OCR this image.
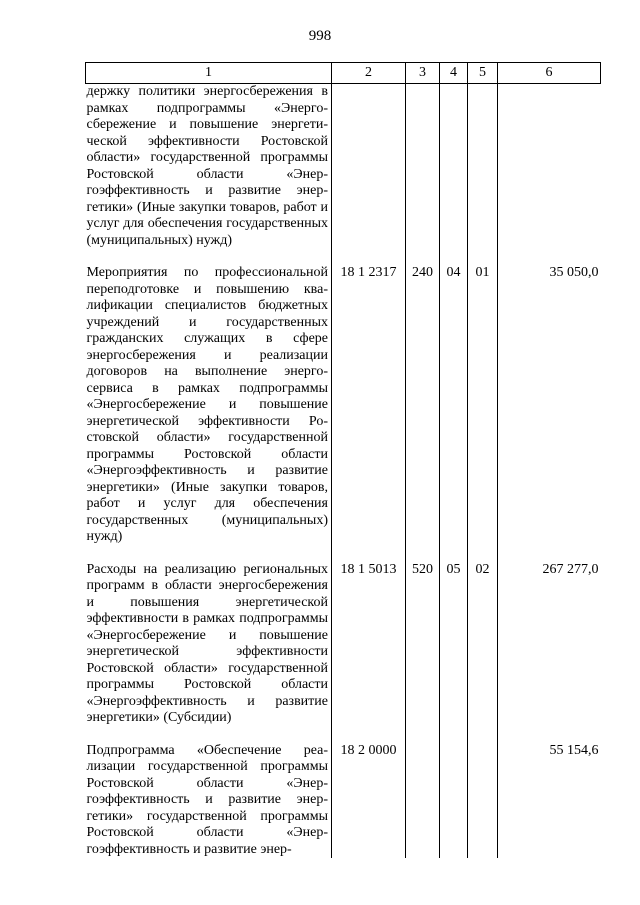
998
1	2	3	4	5	6
держку политики энергосбережения в рамках подпрограммы «Энергосбережение и повышение энергетической эффективности Ростовской области» государственной программы Ростовской области «Энергоэффективность и развитие энергетики» (Иные закупки товаров, работ и услуг для обеспечения государственных (муниципальных) нужд)					

Мероприятия по профессиональной переподготовке и повышению квалификации специалистов бюджетных учреждений и государственных гражданских служащих в сфере энергосбережения и реализации договоров на выполнение энергосервиса в рамках подпрограммы «Энергосбережение и повышение энергетической эффективности Ростовской области» государственной программы Ростовской области «Энергоэффективность и развитие энергетики» (Иные закупки товаров, работ и услуг для обеспечения государственных (муниципальных) нужд)	18 1 2317	240	04	01	35 050,0

Расходы на реализацию региональных программ в области энергосбережения и повышения энергетической эффективности в рамках подпрограммы «Энергосбережение и повышение энергетической эффективности Ростовской области» государственной программы Ростовской области «Энергоэффективность и развитие энергетики» (Субсидии)	18 1 5013	520	05	02	267 277,0

Подпрограмма «Обеспечение реализации государственной программы Ростовской области «Энергоэффективность и развитие энергетики» государственной программы Ростовской области «Энергоэффективность и развитие энер-	18 2 0000				55 154,6
